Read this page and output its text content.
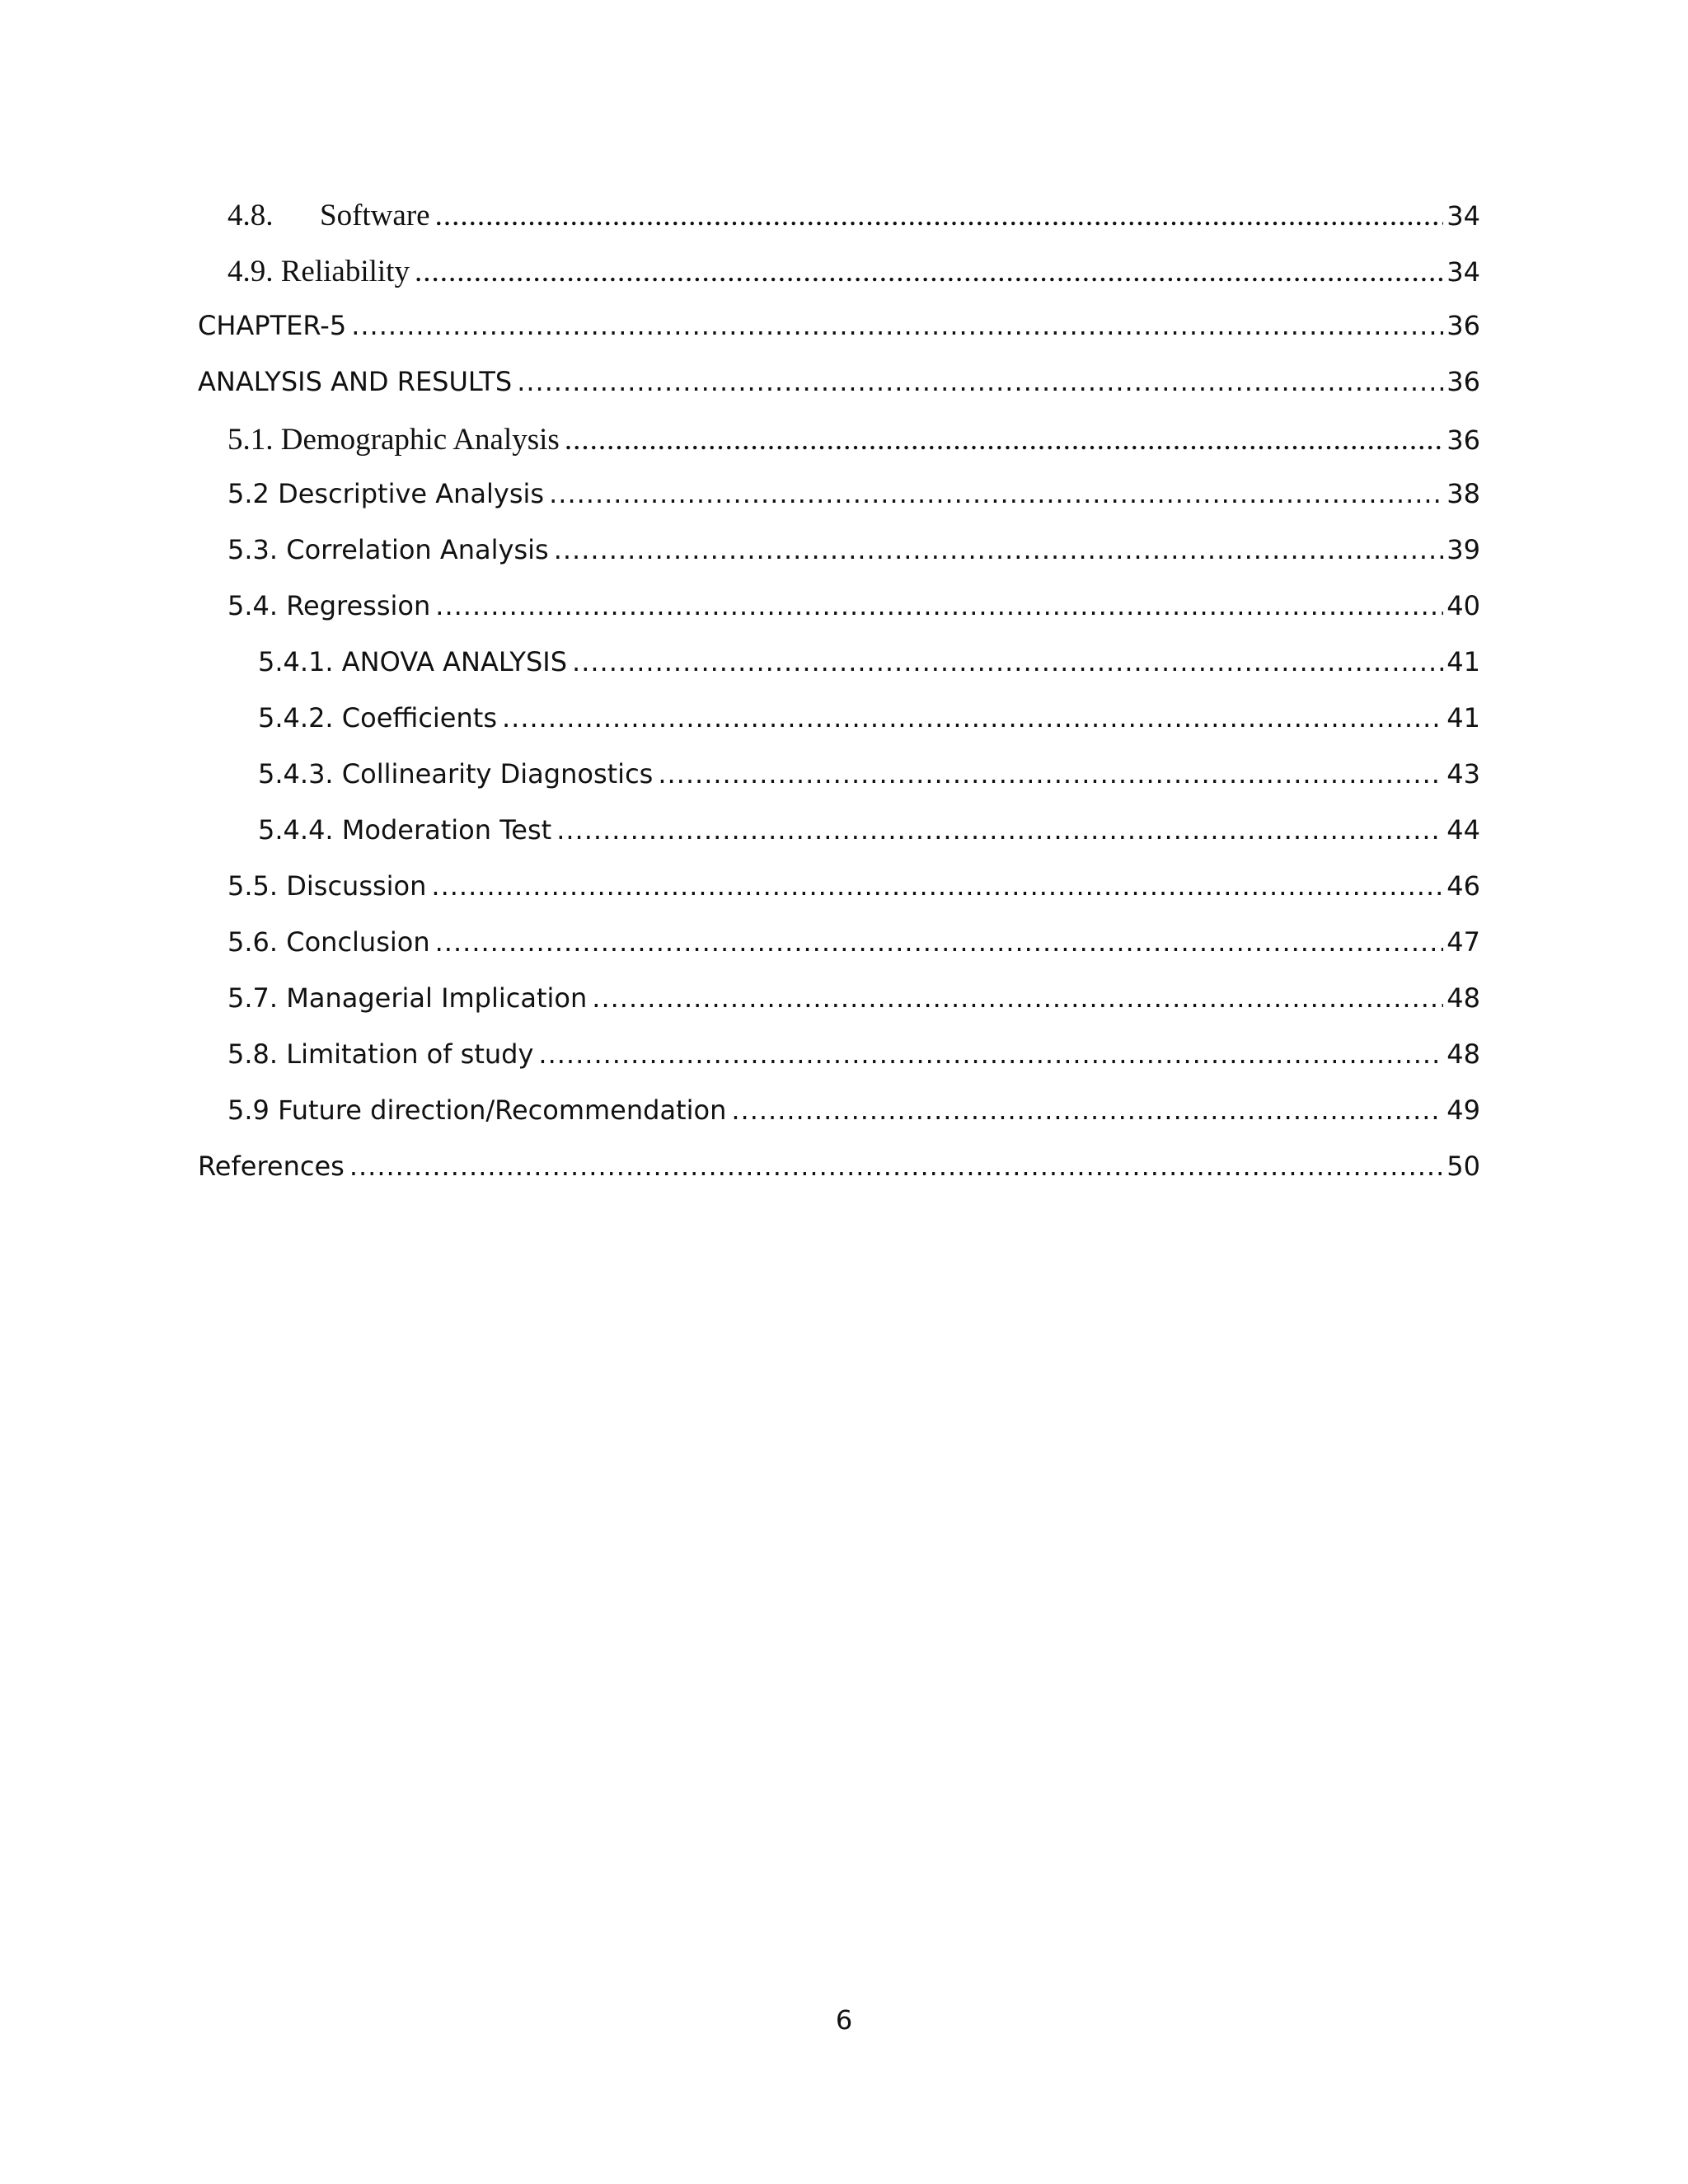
4.8.	Software .....	34
4.9. Reliability .....	34
CHAPTER-5 .....	36
ANALYSIS AND RESULTS .....	36
5.1. Demographic Analysis .....	36
5.2 Descriptive Analysis .....	38
5.3. Correlation Analysis .....	39
5.4. Regression .....	40
5.4.1. ANOVA ANALYSIS .....	41
5.4.2. Coefficients .....	41
5.4.3. Collinearity Diagnostics .....	43
5.4.4. Moderation Test .....	44
5.5. Discussion .....	46
5.6. Conclusion .....	47
5.7. Managerial Implication .....	48
5.8. Limitation of study .....	48
5.9 Future direction/Recommendation .....	49
References .....	50
6
